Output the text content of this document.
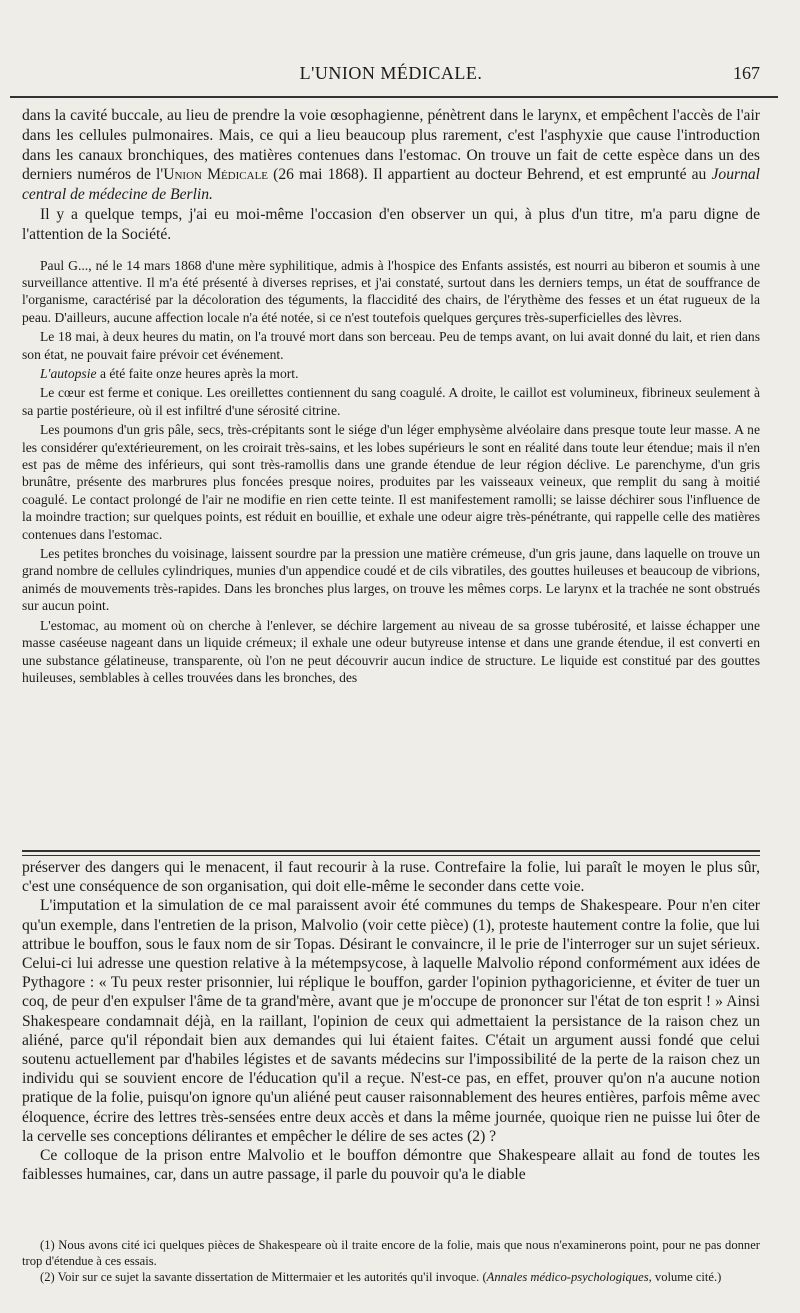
L'UNION MÉDICALE.	167

dans la cavité buccale, au lieu de prendre la voie œsophagienne, pénètrent dans le larynx, et empêchent l'accès de l'air dans les cellules pulmonaires. Mais, ce qui a lieu beaucoup plus rarement, c'est l'asphyxie que cause l'introduction dans les canaux bronchiques, des matières contenues dans l'estomac. On trouve un fait de cette espèce dans un des derniers numéros de l'Union Médicale (26 mai 1868). Il appartient au docteur Behrend, et est emprunté au Journal central de médecine de Berlin.

Il y a quelque temps, j'ai eu moi-même l'occasion d'en observer un qui, à plus d'un titre, m'a paru digne de l'attention de la Société.

Paul G..., né le 14 mars 1868 d'une mère syphilitique, admis à l'hospice des Enfants assistés, est nourri au biberon et soumis à une surveillance attentive. Il m'a été présenté à diverses reprises, et j'ai constaté, surtout dans les derniers temps, un état de souffrance de l'organisme, caractérisé par la décoloration des téguments, la flaccidité des chairs, de l'érythème des fesses et un état rugueux de la peau. D'ailleurs, aucune affection locale n'a été notée, si ce n'est toutefois quelques gerçures très-superficielles des lèvres.

Le 18 mai, à deux heures du matin, on l'a trouvé mort dans son berceau. Peu de temps avant, on lui avait donné du lait, et rien dans son état, ne pouvait faire prévoir cet événement.

L'autopsie a été faite onze heures après la mort.

Le cœur est ferme et conique. Les oreillettes contiennent du sang coagulé. A droite, le caillot est volumineux, fibrineux seulement à sa partie postérieure, où il est infiltré d'une sérosité citrine.

Les poumons d'un gris pâle, secs, très-crépitants sont le siége d'un léger emphysème alvéolaire dans presque toute leur masse. A ne les considérer qu'extérieurement, on les croirait très-sains, et les lobes supérieurs le sont en réalité dans toute leur étendue; mais il n'en est pas de même des inférieurs, qui sont très-ramollis dans une grande étendue de leur région déclive. Le parenchyme, d'un gris brunâtre, présente des marbrures plus foncées presque noires, produites par les vaisseaux veineux, que remplit du sang à moitié coagulé. Le contact prolongé de l'air ne modifie en rien cette teinte. Il est manifestement ramolli; se laisse déchirer sous l'influence de la moindre traction; sur quelques points, est réduit en bouillie, et exhale une odeur aigre très-pénétrante, qui rappelle celle des matières contenues dans l'estomac.

Les petites bronches du voisinage, laissent sourdre par la pression une matière crémeuse, d'un gris jaune, dans laquelle on trouve un grand nombre de cellules cylindriques, munies d'un appendice coudé et de cils vibratiles, des gouttes huileuses et beaucoup de vibrions, animés de mouvements très-rapides. Dans les bronches plus larges, on trouve les mêmes corps. Le larynx et la trachée ne sont obstrués sur aucun point.

L'estomac, au moment où on cherche à l'enlever, se déchire largement au niveau de sa grosse tubérosité, et laisse échapper une masse caséeuse nageant dans un liquide crémeux; il exhale une odeur butyreuse intense et dans une grande étendue, il est converti en une substance gélatineuse, transparente, où l'on ne peut découvrir aucun indice de structure. Le liquide est constitué par des gouttes huileuses, semblables à celles trouvées dans les bronches, des

préserver des dangers qui le menacent, il faut recourir à la ruse. Contrefaire la folie, lui paraît le moyen le plus sûr, c'est une conséquence de son organisation, qui doit elle-même le seconder dans cette voie.

L'imputation et la simulation de ce mal paraissent avoir été communes du temps de Shakespeare. Pour n'en citer qu'un exemple, dans l'entretien de la prison, Malvolio (voir cette pièce) (1), proteste hautement contre la folie, que lui attribue le bouffon, sous le faux nom de sir Topas. Désirant le convaincre, il le prie de l'interroger sur un sujet sérieux. Celui-ci lui adresse une question relative à la métempsycose, à laquelle Malvolio répond conformément aux idées de Pythagore : « Tu peux rester prisonnier, lui réplique le bouffon, garder l'opinion pythagoricienne, et éviter de tuer un coq, de peur d'en expulser l'âme de ta grand'mère, avant que je m'occupe de prononcer sur l'état de ton esprit ! » Ainsi Shakespeare condamnait déjà, en la raillant, l'opinion de ceux qui admettaient la persistance de la raison chez un aliéné, parce qu'il répondait bien aux demandes qui lui étaient faites. C'était un argument aussi fondé que celui soutenu actuellement par d'habiles légistes et de savants médecins sur l'impossibilité de la perte de la raison chez un individu qui se souvient encore de l'éducation qu'il a reçue. N'est-ce pas, en effet, prouver qu'on n'a aucune notion pratique de la folie, puisqu'on ignore qu'un aliéné peut causer raisonnablement des heures entières, parfois même avec éloquence, écrire des lettres très-sensées entre deux accès et dans la même journée, quoique rien ne puisse lui ôter de la cervelle ses conceptions délirantes et empêcher le délire de ses actes (2) ?

Ce colloque de la prison entre Malvolio et le bouffon démontre que Shakespeare allait au fond de toutes les faiblesses humaines, car, dans un autre passage, il parle du pouvoir qu'a le diable

(1) Nous avons cité ici quelques pièces de Shakespeare où il traite encore de la folie, mais que nous n'examinerons point, pour ne pas donner trop d'étendue à ces essais.

(2) Voir sur ce sujet la savante dissertation de Mittermaier et les autorités qu'il invoque. (Annales médico-psychologiques, volume cité.)
